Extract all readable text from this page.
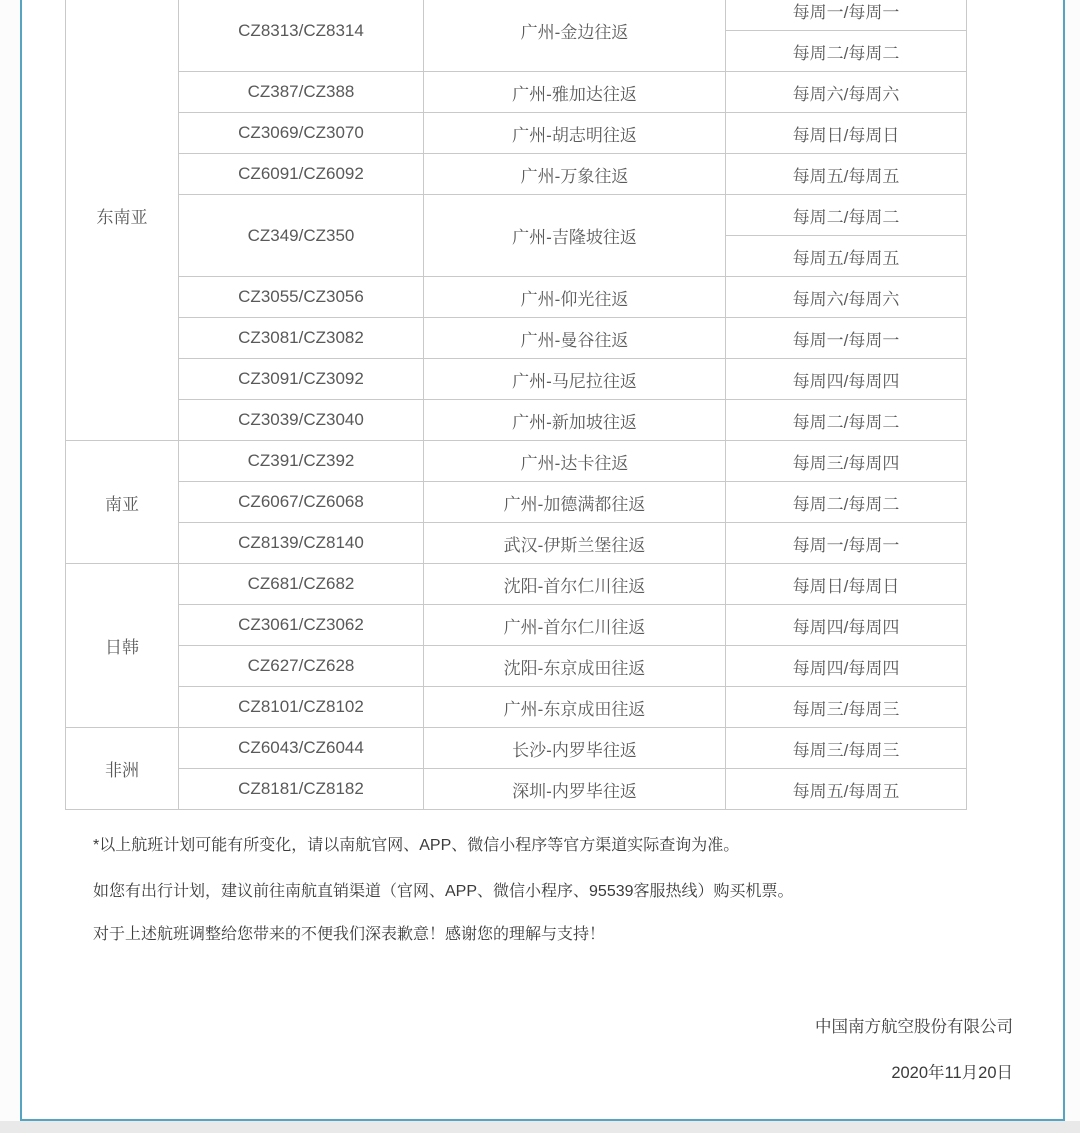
东南亚	CZ8313/CZ8314	广州-金边往返	每周一/每周一
			每周二/每周二
	CZ387/CZ388	广州-雅加达往返	每周六/每周六
	CZ3069/CZ3070	广州-胡志明往返	每周日/每周日
	CZ6091/CZ6092	广州-万象往返	每周五/每周五
	CZ349/CZ350	广州-吉隆坡往返	每周二/每周二
			每周五/每周五
	CZ3055/CZ3056	广州-仰光往返	每周六/每周六
	CZ3081/CZ3082	广州-曼谷往返	每周一/每周一
	CZ3091/CZ3092	广州-马尼拉往返	每周四/每周四
	CZ3039/CZ3040	广州-新加坡往返	每周二/每周二
南亚	CZ391/CZ392	广州-达卡往返	每周三/每周四
	CZ6067/CZ6068	广州-加德满都往返	每周二/每周二
	CZ8139/CZ8140	武汉-伊斯兰堡往返	每周一/每周一
日韩	CZ681/CZ682	沈阳-首尔仁川往返	每周日/每周日
	CZ3061/CZ3062	广州-首尔仁川往返	每周四/每周四
	CZ627/CZ628	沈阳-东京成田往返	每周四/每周四
	CZ8101/CZ8102	广州-东京成田往返	每周三/每周三
非洲	CZ6043/CZ6044	长沙-内罗毕往返	每周三/每周三
	CZ8181/CZ8182	深圳-内罗毕往返	每周五/每周五

*以上航班计划可能有所变化，请以南航官网、APP、微信小程序等官方渠道实际查询为准。

如您有出行计划，建议前往南航直销渠道（官网、APP、微信小程序、95539客服热线）购买机票。

对于上述航班调整给您带来的不便我们深表歉意！感谢您的理解与支持！

中国南方航空股份有限公司

2020年11月20日
